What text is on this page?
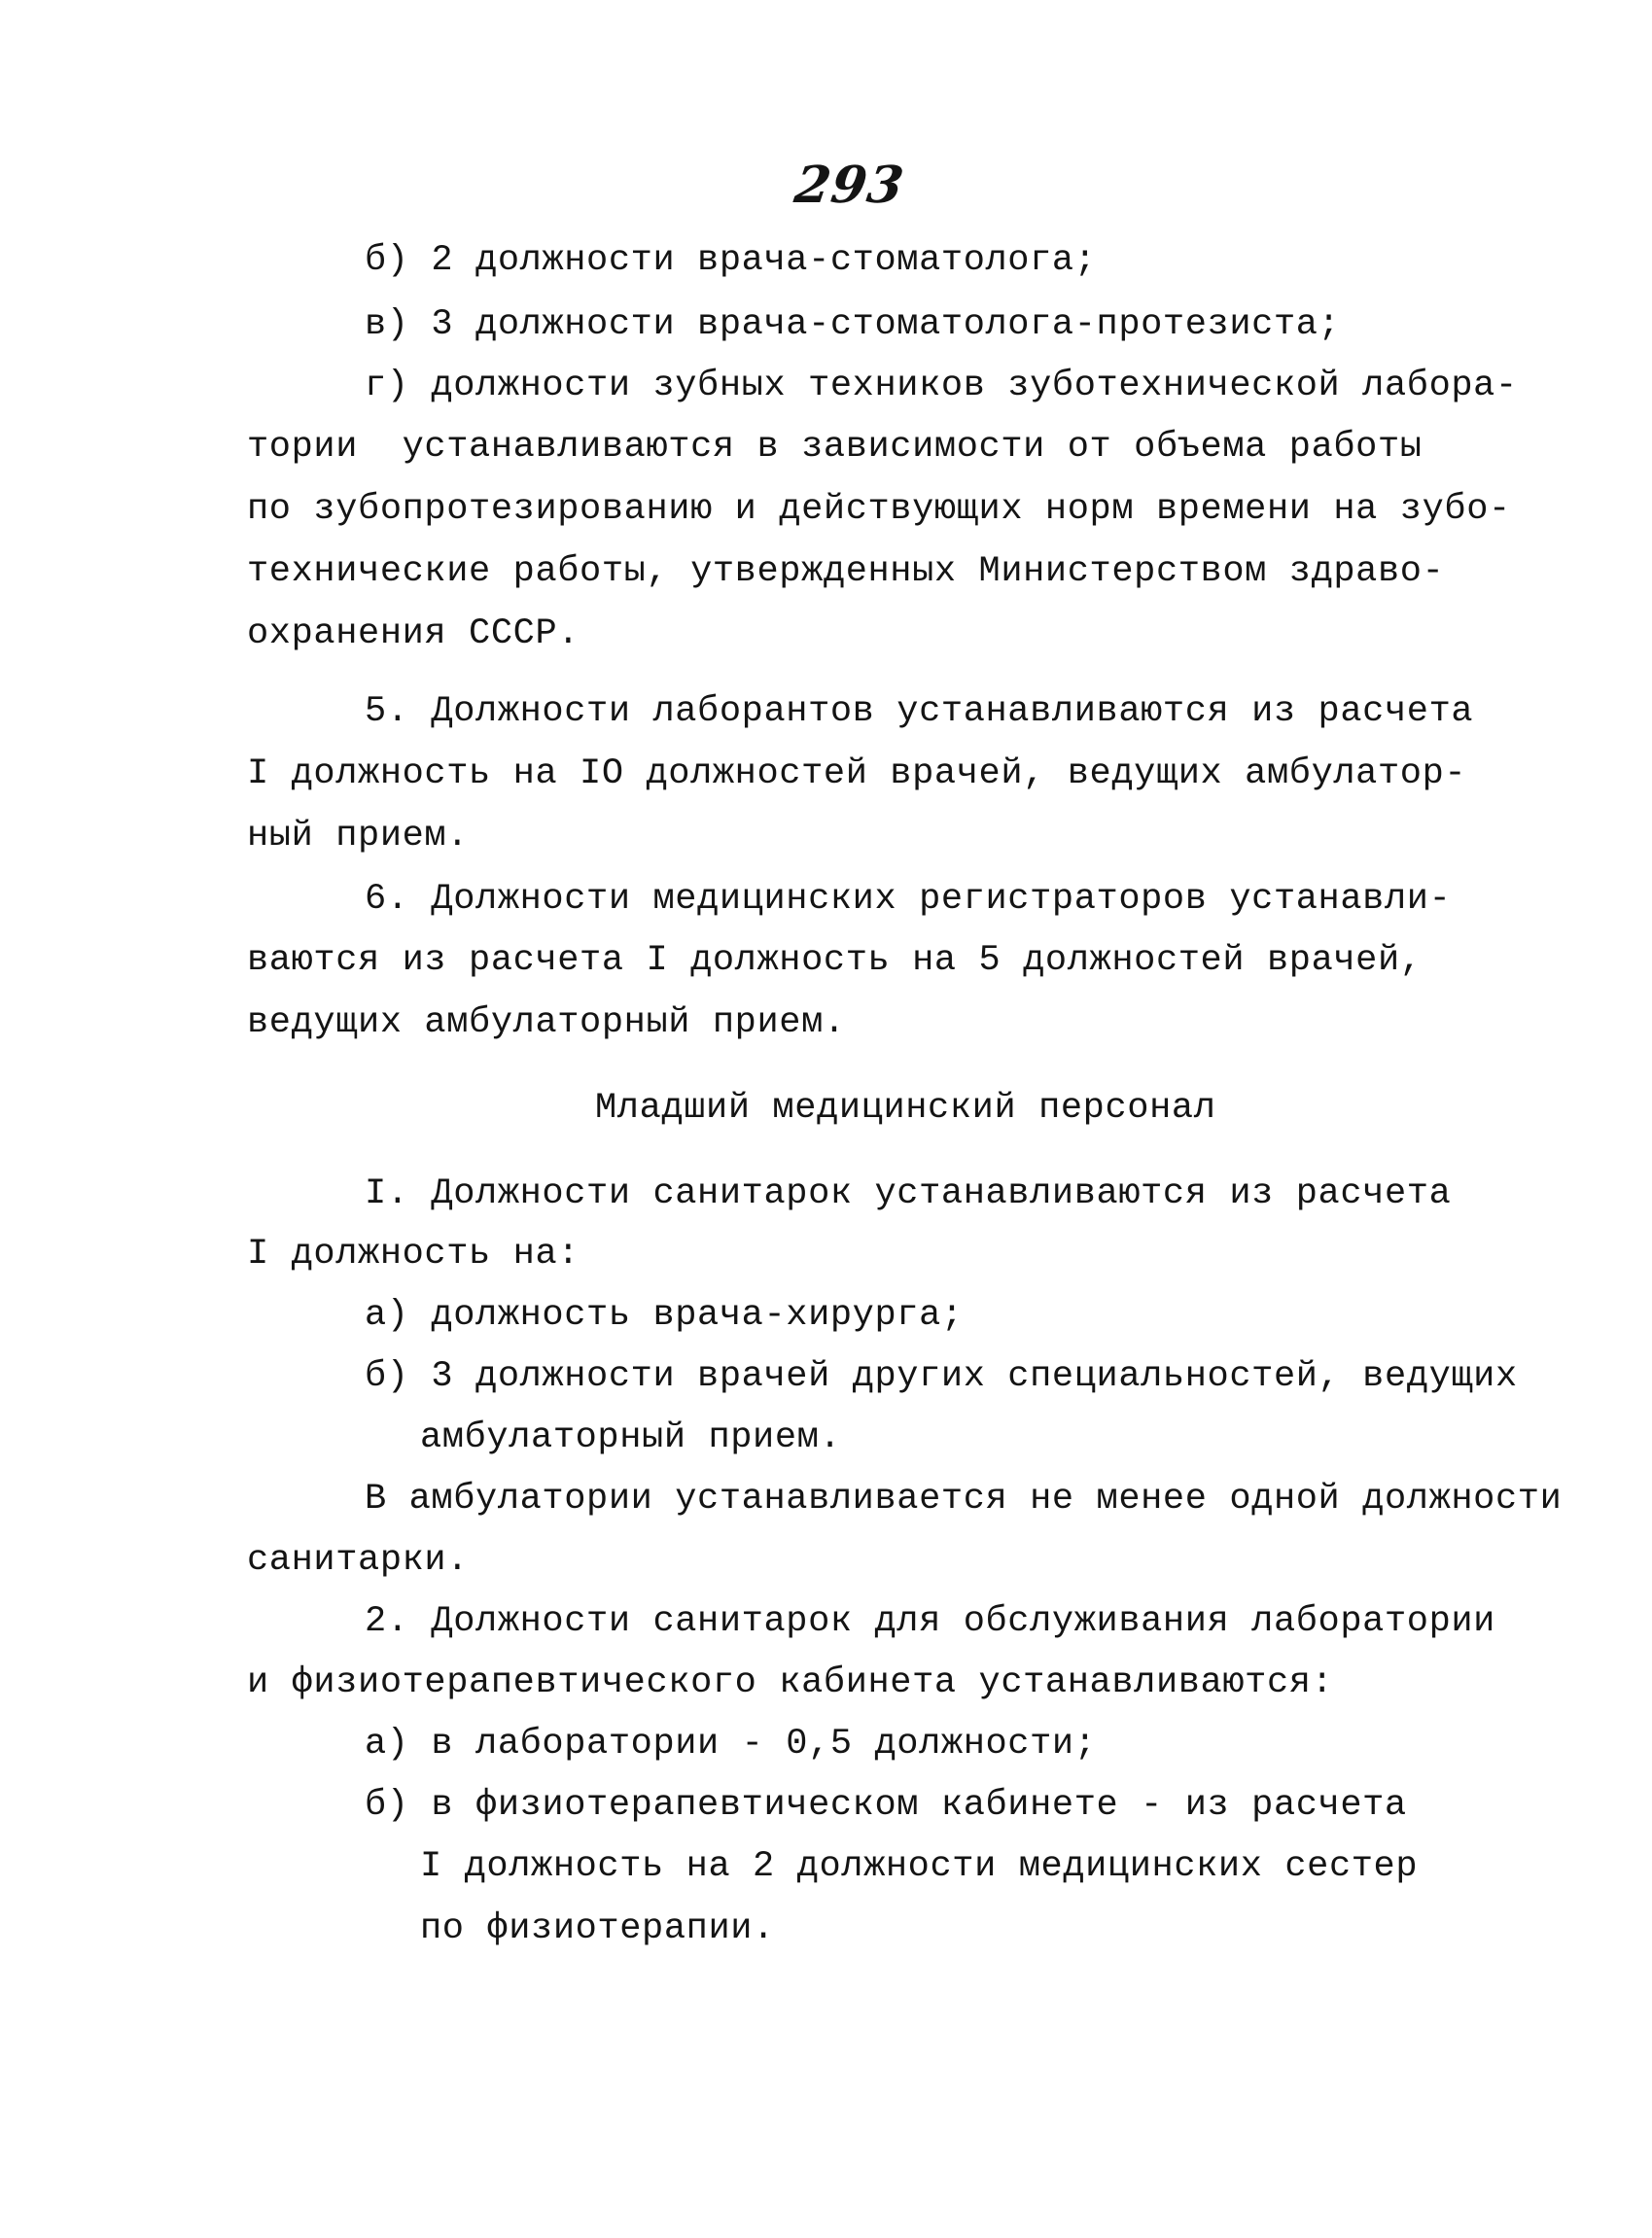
293
б) 2 должности врача-стоматолога;
в) 3 должности врача-стоматолога-протезиста;
г) должности зубных техников зуботехнической лабора-
тории  устанавливаются в зависимости от объема работы
по зубопротезированию и действующих норм времени на зубо-
технические работы, утвержденных Министерством здраво-
охранения СССР.
5. Должности лаборантов устанавливаются из расчета
I должность на IO должностей врачей, ведущих амбулатор-
ный прием.
6. Должности медицинских регистраторов устанавли-
ваются из расчета I должность на 5 должностей врачей,
ведущих амбулаторный прием.
Младший медицинский персонал
I. Должности санитарок устанавливаются из расчета
I должность на:
а) должность врача-хирурга;
б) 3 должности врачей других специальностей, ведущих
амбулаторный прием.
В амбулатории устанавливается не менее одной должности
санитарки.
2. Должности санитарок для обслуживания лаборатории
и физиотерапевтического кабинета устанавливаются:
а) в лаборатории - 0,5 должности;
б) в физиотерапевтическом кабинете - из расчета
I должность на 2 должности медицинских сестер
по физиотерапии.
